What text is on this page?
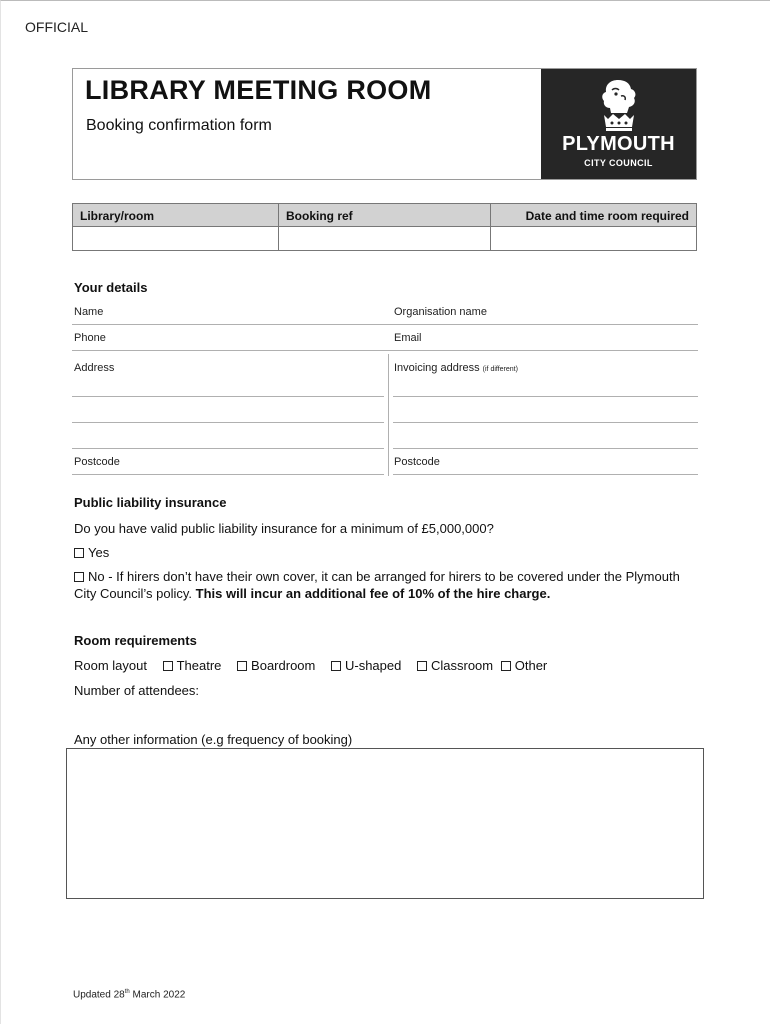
OFFICIAL
LIBRARY MEETING ROOM
Booking confirmation form
PLYMOUTH
CITY COUNCIL
Library/room	Booking ref	Date and time room required

Your details
Name	Organisation name
Phone	Email
Address	Invoicing address (if different)
Postcode	Postcode
Public liability insurance
Do you have valid public liability insurance for a minimum of £5,000,000?
Yes
No - If hirers don’t have their own cover, it can be arranged for hirers to be covered under the Plymouth City Council’s policy. This will incur an additional fee of 10% of the hire charge.
Room requirements
Room layout Theatre Boardroom U-shaped Classroom Other
Number of attendees:
Any other information (e.g frequency of booking)
Updated 28th March 2022
